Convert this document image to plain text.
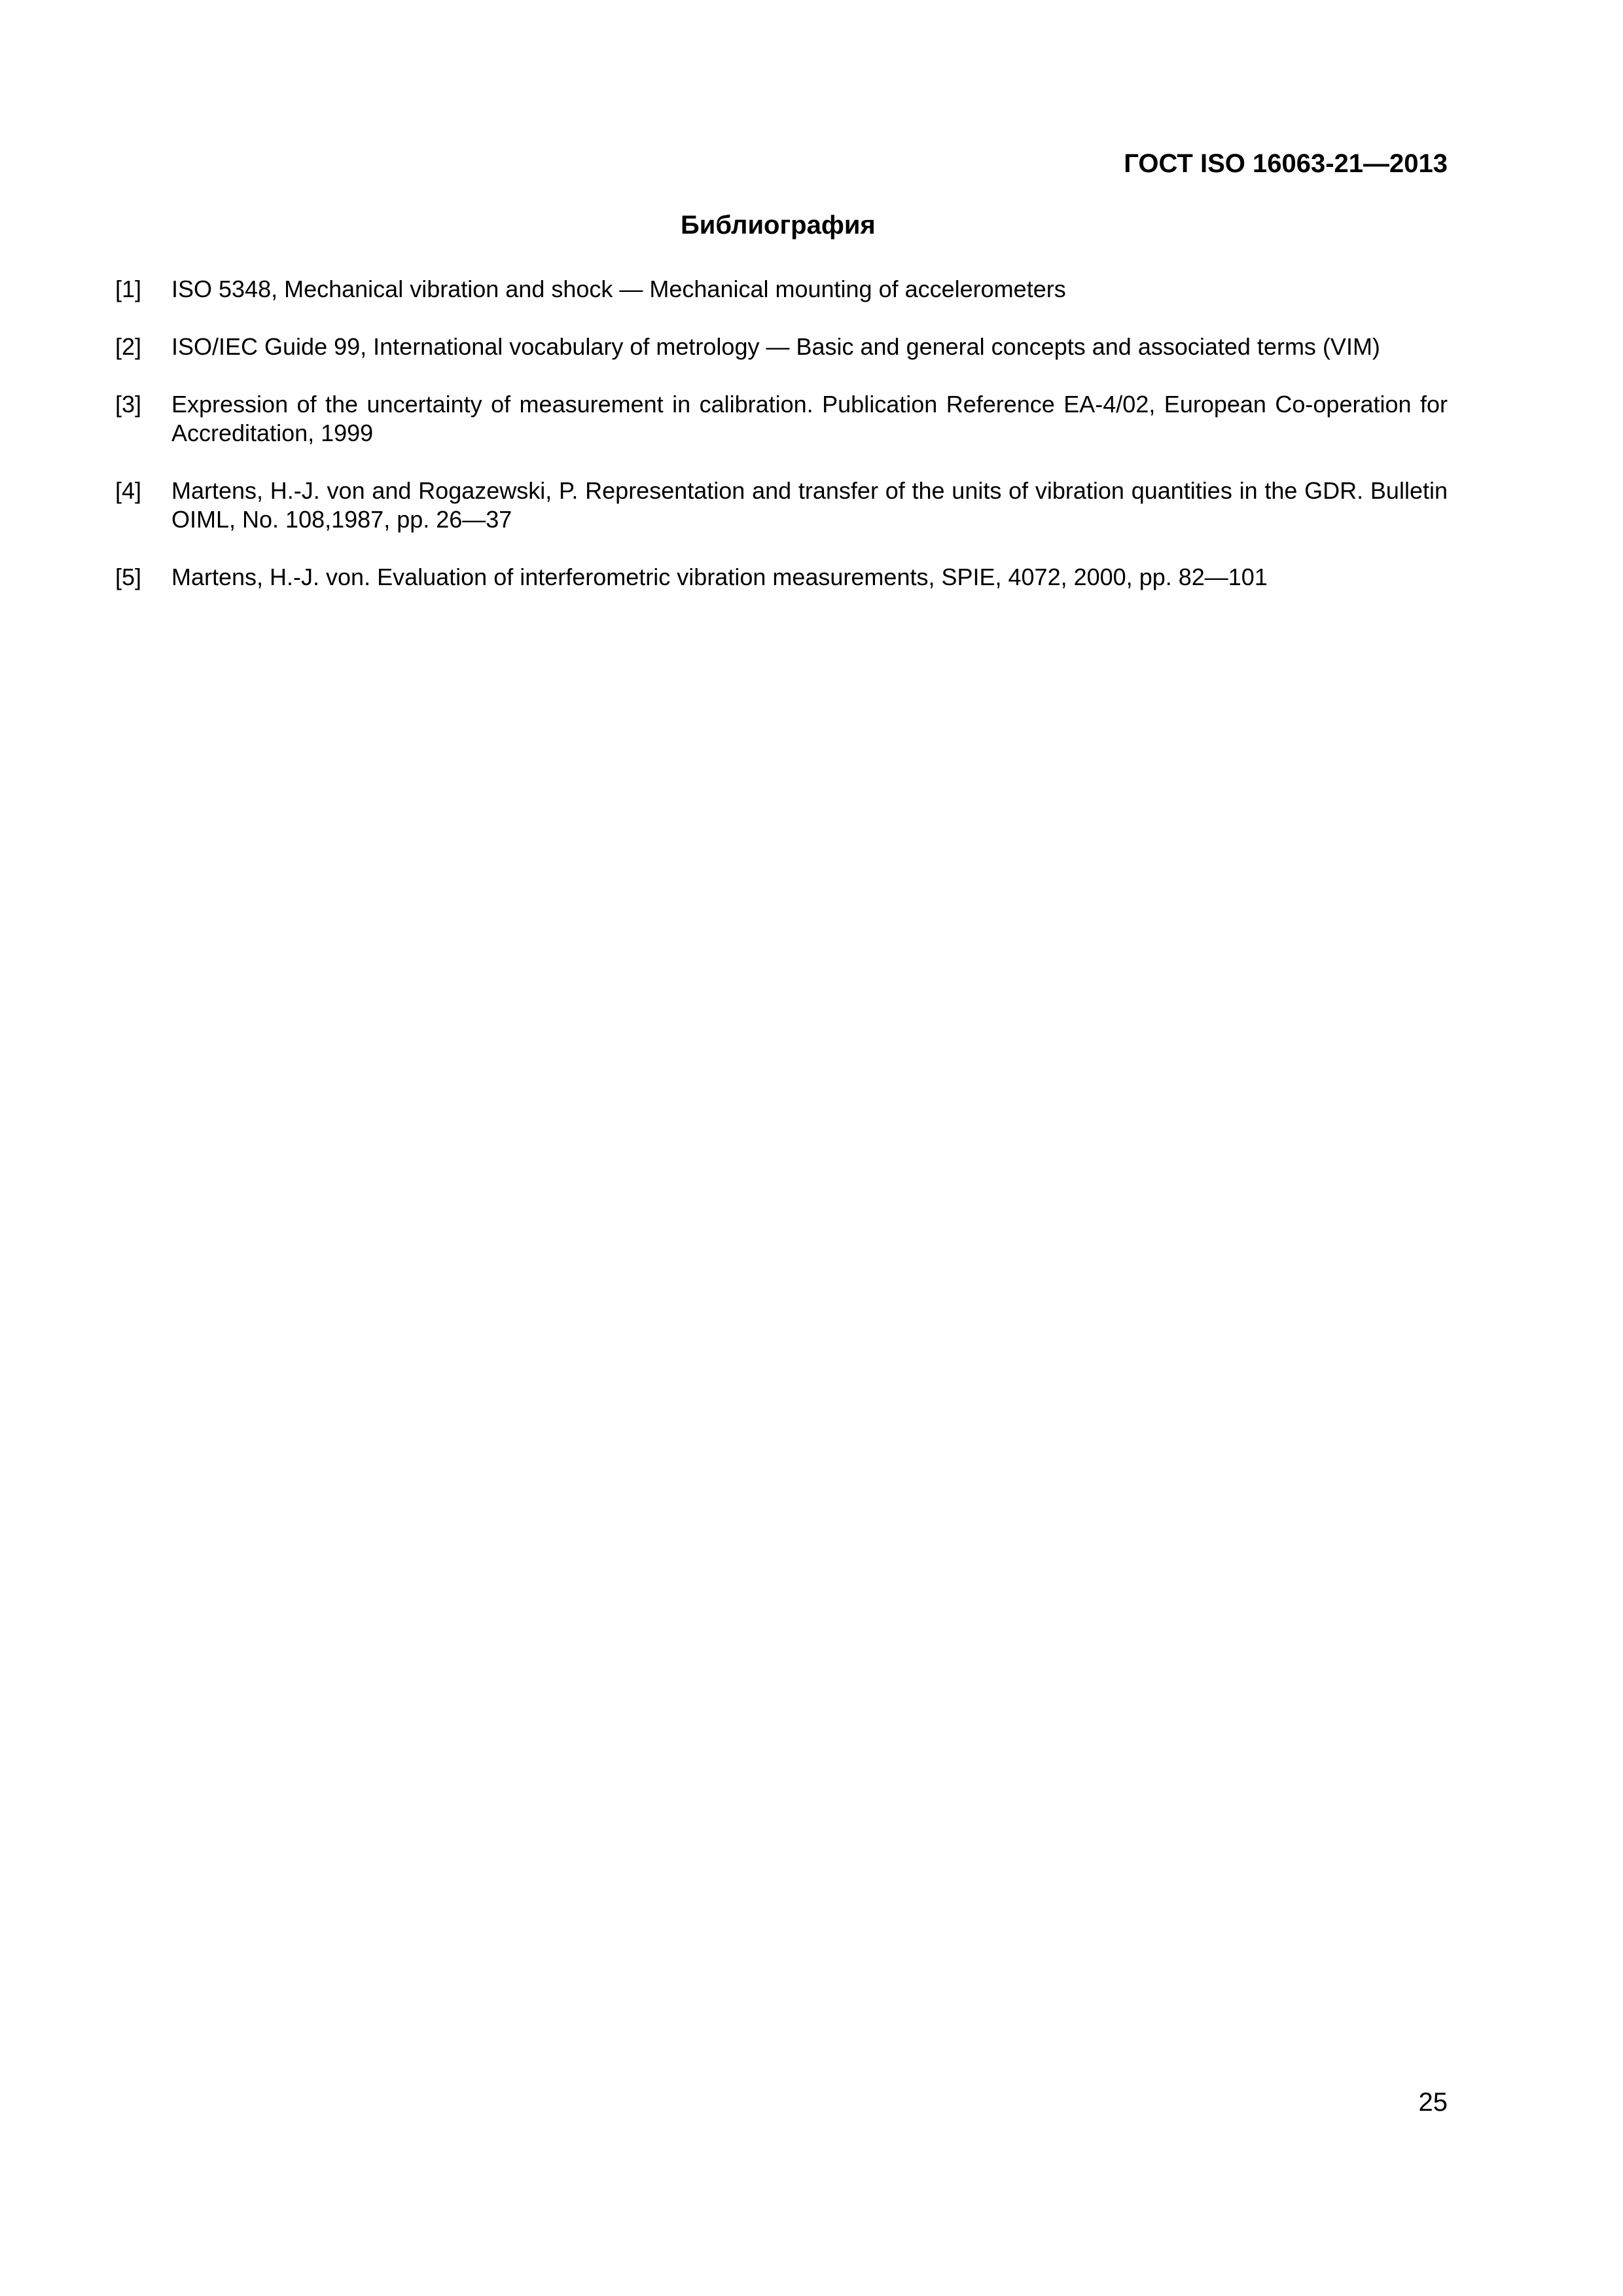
ГОСТ ISO 16063-21—2013
Библиография
[1]	ISO 5348, Mechanical vibration and shock — Mechanical mounting of accelerometers
[2]	ISO/IEC Guide 99, International vocabulary of metrology — Basic and general concepts and associated terms (VIM)
[3]	Expression of the uncertainty of measurement in calibration. Publication Reference EA-4/02, European Co-operation for Accreditation, 1999
[4]	Martens, H.-J. von and Rogazewski, P. Representation and transfer of the units of vibration quantities in the GDR. Bulletin OIML, No. 108,1987, pp. 26—37
[5]	Martens, H.-J. von. Evaluation of interferometric vibration measurements, SPIE, 4072, 2000, pp. 82—101
25
